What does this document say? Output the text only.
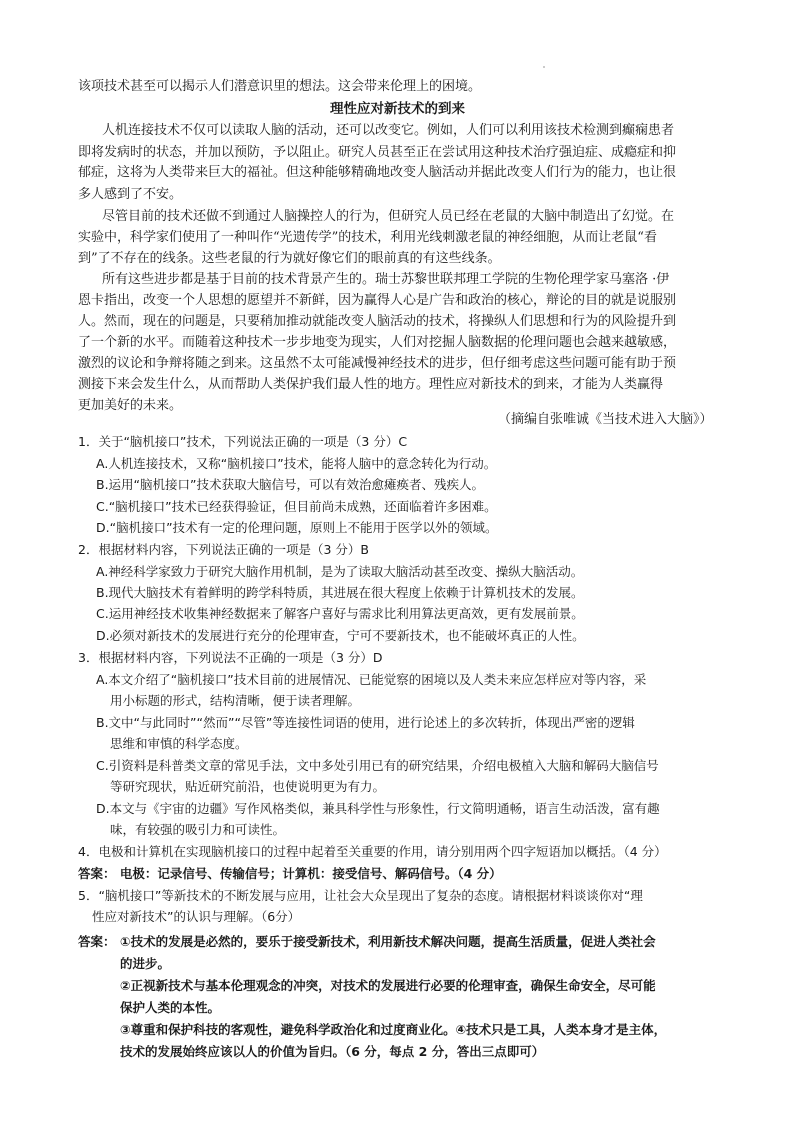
该项技术甚至可以揭示人们潜意识里的想法。这会带来伦理上的困境。
理性应对新技术的到来
人机连接技术不仅可以读取人脑的活动，还可以改变它。例如，人们可以利用该技术检测到癫痫患者
即将发病时的状态，并加以预防，予以阻止。研究人员甚至正在尝试用这种技术治疗强迫症、成瘾症和抑
郁症，这将为人类带来巨大的福祉。但这种能够精确地改变人脑活动并据此改变人们行为的能力，也让很
多人感到了不安。
尽管目前的技术还做不到通过人脑操控人的行为，但研究人员已经在老鼠的大脑中制造出了幻觉。在
实验中，科学家们使用了一种叫作“光遗传学”的技术，利用光线刺激老鼠的神经细胞，从而让老鼠“看
到”了不存在的线条。这些老鼠的行为就好像它们的眼前真的有这些线条。
所有这些进步都是基于目前的技术背景产生的。瑞士苏黎世联邦理工学院的生物伦理学家马塞洛 ·伊
恩卡指出，改变一个人思想的愿望并不新鲜，因为赢得人心是广告和政治的核心，辩论的目的就是说服别
人。然而，现在的问题是，只要稍加推动就能改变人脑活动的技术，将操纵人们思想和行为的风险提升到
了一个新的水平。而随着这种技术一步步地变为现实，人们对挖掘人脑数据的伦理问题也会越来越敏感，
激烈的议论和争辩将随之到来。这虽然不太可能减慢神经技术的进步，但仔细考虑这些问题可能有助于预
测接下来会发生什么，从而帮助人类保护我们最人性的地方。理性应对新技术的到来，才能为人类赢得
更加美好的未来。
（摘编自张唯诚《当技术进入大脑》）
1．关于“脑机接口”技术，下列说法正确的一项是（3 分）C
A.人机连接技术，又称“脑机接口”技术，能将人脑中的意念转化为行动。
B.运用“脑机接口”技术获取大脑信号，可以有效治愈瘫痪者、残疾人。
C.“脑机接口”技术已经获得验证，但目前尚未成熟，还面临着许多困难。
D.“脑机接口”技术有一定的伦理问题，原则上不能用于医学以外的领域。
2．根据材料内容，下列说法正确的一项是（3 分）B
A.神经科学家致力于研究大脑作用机制，是为了读取大脑活动甚至改变、操纵大脑活动。
B.现代大脑技术有着鲜明的跨学科特质，其进展在很大程度上依赖于计算机技术的发展。
C.运用神经技术收集神经数据来了解客户喜好与需求比利用算法更高效，更有发展前景。
D.必须对新技术的发展进行充分的伦理审查，宁可不要新技术，也不能破坏真正的人性。
3．根据材料内容，下列说法不正确的一项是（3 分）D
A.本文介绍了“脑机接口”技术目前的进展情况、已能觉察的困境以及人类未来应怎样应对等内容，采
用小标题的形式，结构清晰，便于读者理解。
B.文中“与此同时”“然而”“尽管”等连接性词语的使用，进行论述上的多次转折，体现出严密的逻辑
思维和审慎的科学态度。
C.引资料是科普类文章的常见手法，文中多处引用已有的研究结果，介绍电极植入大脑和解码大脑信号
等研究现状，贴近研究前沿，也使说明更为有力。
D.本文与《宇宙的边疆》写作风格类似，兼具科学性与形象性，行文简明通畅，语言生动活泼，富有趣
味，有较强的吸引力和可读性。
4．电极和计算机在实现脑机接口的过程中起着至关重要的作用，请分别用两个四字短语加以概括。（4 分）
答案： 电极：记录信号、传输信号；计算机：接受信号、解码信号。（4 分）
5．“脑机接口”等新技术的不断发展与应用，让社会大众呈现出了复杂的态度。请根据材料谈谈你对“理
性应对新技术”的认识与理解。（6分）
答案： ①技术的发展是必然的，要乐于接受新技术，利用新技术解决问题，提高生活质量，促进人类社会
的进步。
②正视新技术与基本伦理观念的冲突，对技术的发展进行必要的伦理审查，确保生命安全，尽可能
保护人类的本性。
③尊重和保护科技的客观性，避免科学政治化和过度商业化。④技术只是工具，人类本身才是主体，
技术的发展始终应该以人的价值为旨归。（6 分，每点 2 分，答出三点即可）
